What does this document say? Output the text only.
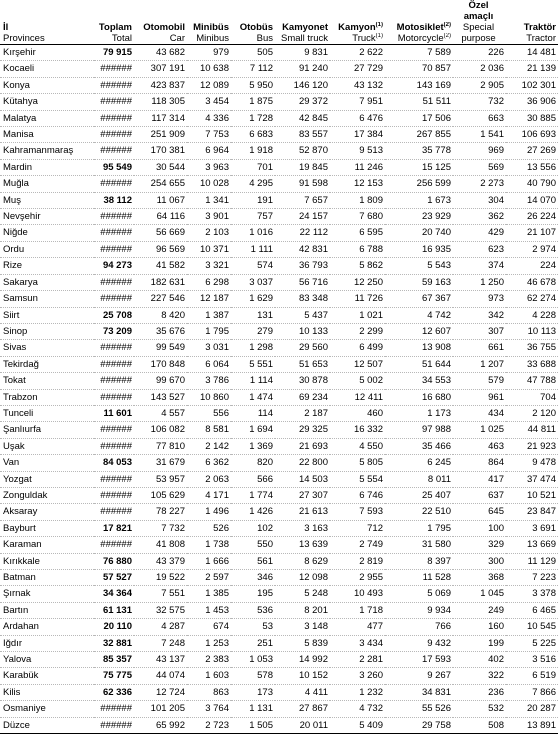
								Özel	
								amaçlı	
İl	Toplam	Otomobil	Minibüs	Otobüs	Kamyonet	Kamyon$^{(1)}$	Motosiklet$^{(2)}$	Special	Traktör
Provinces	Total	Car	Minibus	Bus	Small truck	Truck$^{(1)}$	Motorcycle$^{(2)}$	purpose	Tractor
Kırşehir	79 915	43 682	979	505	9 831	2 622	7 589	226	14 481
Kocaeli	######	307 191	10 638	7 112	91 240	27 729	70 857	2 036	21 139
Konya	######	423 837	12 089	5 950	146 120	43 132	143 169	2 905	102 301
Kütahya	######	118 305	3 454	1 875	29 372	7 951	51 511	732	36 906
Malatya	######	117 314	4 336	1 728	42 845	6 476	17 506	663	30 885
Manisa	######	251 909	7 753	6 683	83 557	17 384	267 855	1 541	106 693
Kahramanmaraş	######	170 381	6 964	1 918	52 870	9 513	35 778	969	27 269
Mardin	95 549	30 544	3 963	701	19 845	11 246	15 125	569	13 556
Muğla	######	254 655	10 028	4 295	91 598	12 153	256 599	2 273	40 790
Muş	38 112	11 067	1 341	191	7 657	1 809	1 673	304	14 070
Nevşehir	######	64 116	3 901	757	24 157	7 680	23 929	362	26 224
Niğde	######	56 669	2 103	1 016	22 112	6 595	20 740	429	21 107
Ordu	######	96 569	10 371	1 111	42 831	6 788	16 935	623	2 974
Rize	94 273	41 582	3 321	574	36 793	5 862	5 543	374	224
Sakarya	######	182 631	6 298	3 037	56 716	12 250	59 163	1 250	46 678
Samsun	######	227 546	12 187	1 629	83 348	11 726	67 367	973	62 274
Siirt	25 708	8 420	1 387	131	5 437	1 021	4 742	342	4 228
Sinop	73 209	35 676	1 795	279	10 133	2 299	12 607	307	10 113
Sivas	######	99 549	3 031	1 298	29 560	6 499	13 908	661	36 755
Tekirdağ	######	170 848	6 064	5 551	51 653	12 507	51 644	1 207	33 688
Tokat	######	99 670	3 786	1 114	30 878	5 002	34 553	579	47 788
Trabzon	######	143 527	10 860	1 474	69 234	12 411	16 680	961	704
Tunceli	11 601	4 557	556	114	2 187	460	1 173	434	2 120
Şanlıurfa	######	106 082	8 581	1 694	29 325	16 332	97 988	1 025	44 811
Uşak	######	77 810	2 142	1 369	21 693	4 550	35 466	463	21 923
Van	84 053	31 679	6 362	820	22 800	5 805	6 245	864	9 478
Yozgat	######	53 957	2 063	566	14 503	5 554	8 011	417	37 474
Zonguldak	######	105 629	4 171	1 774	27 307	6 746	25 407	637	10 521
Aksaray	######	78 227	1 496	1 426	21 613	7 593	22 510	645	23 847
Bayburt	17 821	7 732	526	102	3 163	712	1 795	100	3 691
Karaman	######	41 808	1 738	550	13 639	2 749	31 580	329	13 669
Kırıkkale	76 880	43 379	1 666	561	8 629	2 819	8 397	300	11 129
Batman	57 527	19 522	2 597	346	12 098	2 955	11 528	368	7 223
Şırnak	34 364	7 551	1 385	195	5 248	10 493	5 069	1 045	3 378
Bartın	61 131	32 575	1 453	536	8 201	1 718	9 934	249	6 465
Ardahan	20 110	4 287	674	53	3 148	477	766	160	10 545
Iğdır	32 881	7 248	1 253	251	5 839	3 434	9 432	199	5 225
Yalova	85 357	43 137	2 383	1 053	14 992	2 281	17 593	402	3 516
Karabük	75 775	44 074	1 603	578	10 152	3 260	9 267	322	6 519
Kilis	62 336	12 724	863	173	4 411	1 232	34 831	236	7 866
Osmaniye	######	101 205	3 764	1 131	27 867	4 732	55 526	532	20 287
Düzce	######	65 992	2 723	1 505	20 011	5 409	29 758	508	13 891
